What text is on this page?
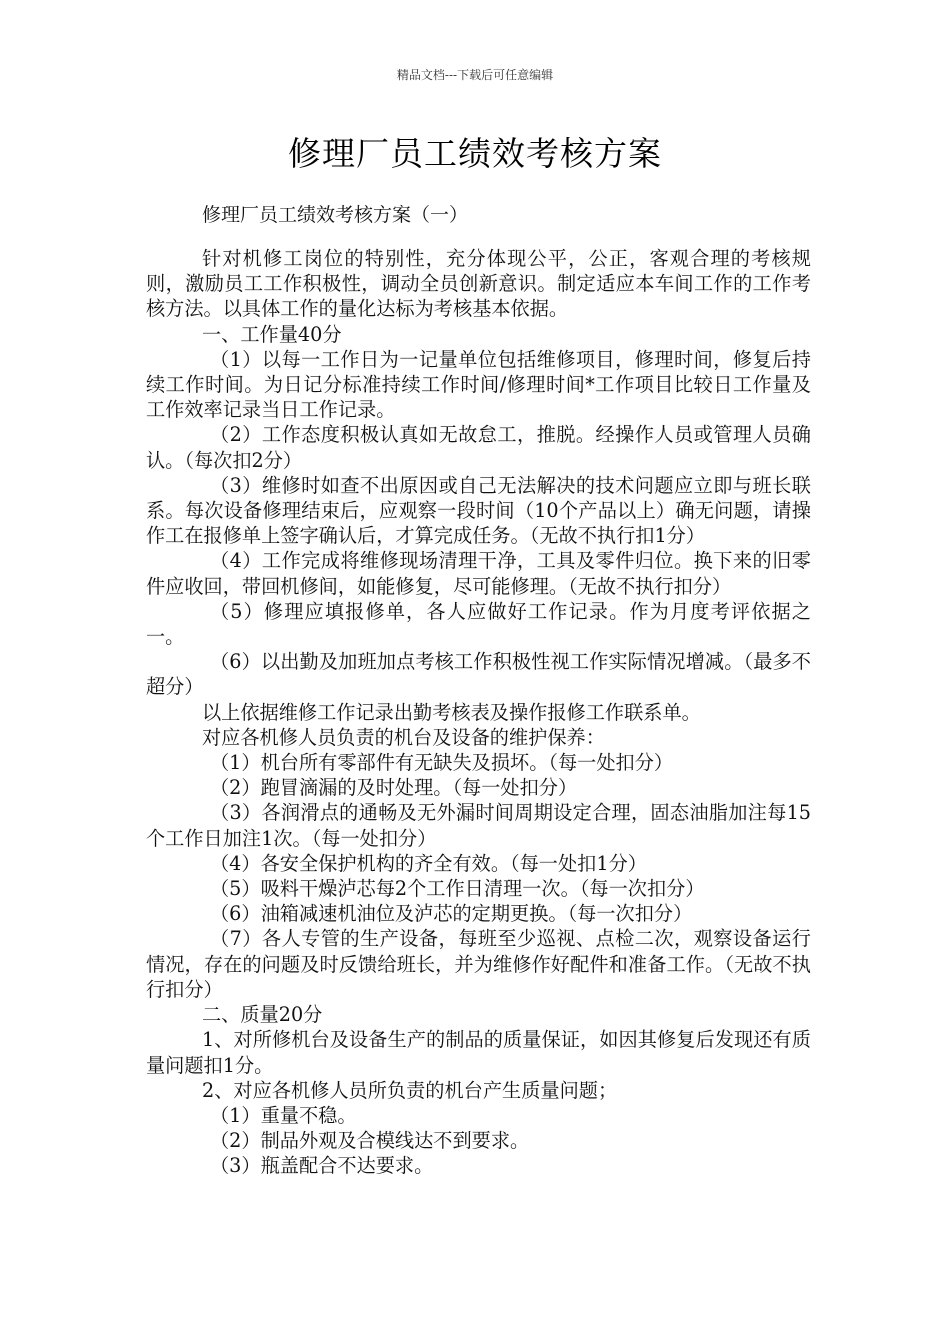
精品文档---下载后可任意编辑
修理厂员工绩效考核方案
修理厂员工绩效考核方案（一）

针对机修工岗位的特别性，充分体现公平，公正，客观合理的考核规则，激励员工工作积极性，调动全员创新意识。制定适应本车间工作的工作考核方法。以具体工作的量化达标为考核基本依据。

一、工作量40分

（1）以每一工作日为一记量单位包括维修项目，修理时间，修复后持续工作时间。为日记分标准持续工作时间/修理时间*工作项目比较日工作量及工作效率记录当日工作记录。

（2）工作态度积极认真如无故怠工，推脱。经操作人员或管理人员确认。（每次扣2分）

（3）维修时如查不出原因或自己无法解决的技术问题应立即与班长联系。每次设备修理结束后，应观察一段时间（10个产品以上）确无问题，请操作工在报修单上签字确认后，才算完成任务。（无故不执行扣1分）

（4）工作完成将维修现场清理干净，工具及零件归位。换下来的旧零件应收回，带回机修间，如能修复，尽可能修理。（无故不执行扣分）

（5）修理应填报修单，各人应做好工作记录。作为月度考评依据之一。

（6）以出勤及加班加点考核工作积极性视工作实际情况增减。（最多不超分）

以上依据维修工作记录出勤考核表及操作报修工作联系单。

对应各机修人员负责的机台及设备的维护保养：

（1）机台所有零部件有无缺失及损坏。（每一处扣分）

（2）跑冒滴漏的及时处理。（每一处扣分）

（3）各润滑点的通畅及无外漏时间周期设定合理，固态油脂加注每15个工作日加注1次。（每一处扣分）

（4）各安全保护机构的齐全有效。（每一处扣1分）

（5）吸料干燥泸芯每2个工作日清理一次。（每一次扣分）

（6）油箱减速机油位及泸芯的定期更换。（每一次扣分）

（7）各人专管的生产设备，每班至少巡视、点检二次，观察设备运行情况，存在的问题及时反馈给班长，并为维修作好配件和准备工作。（无故不执行扣分）

二、质量20分

1、对所修机台及设备生产的制品的质量保证，如因其修复后发现还有质量问题扣1分。

2、对应各机修人员所负责的机台产生质量问题；

（1）重量不稳。

（2）制品外观及合模线达不到要求。

（3）瓶盖配合不达要求。
